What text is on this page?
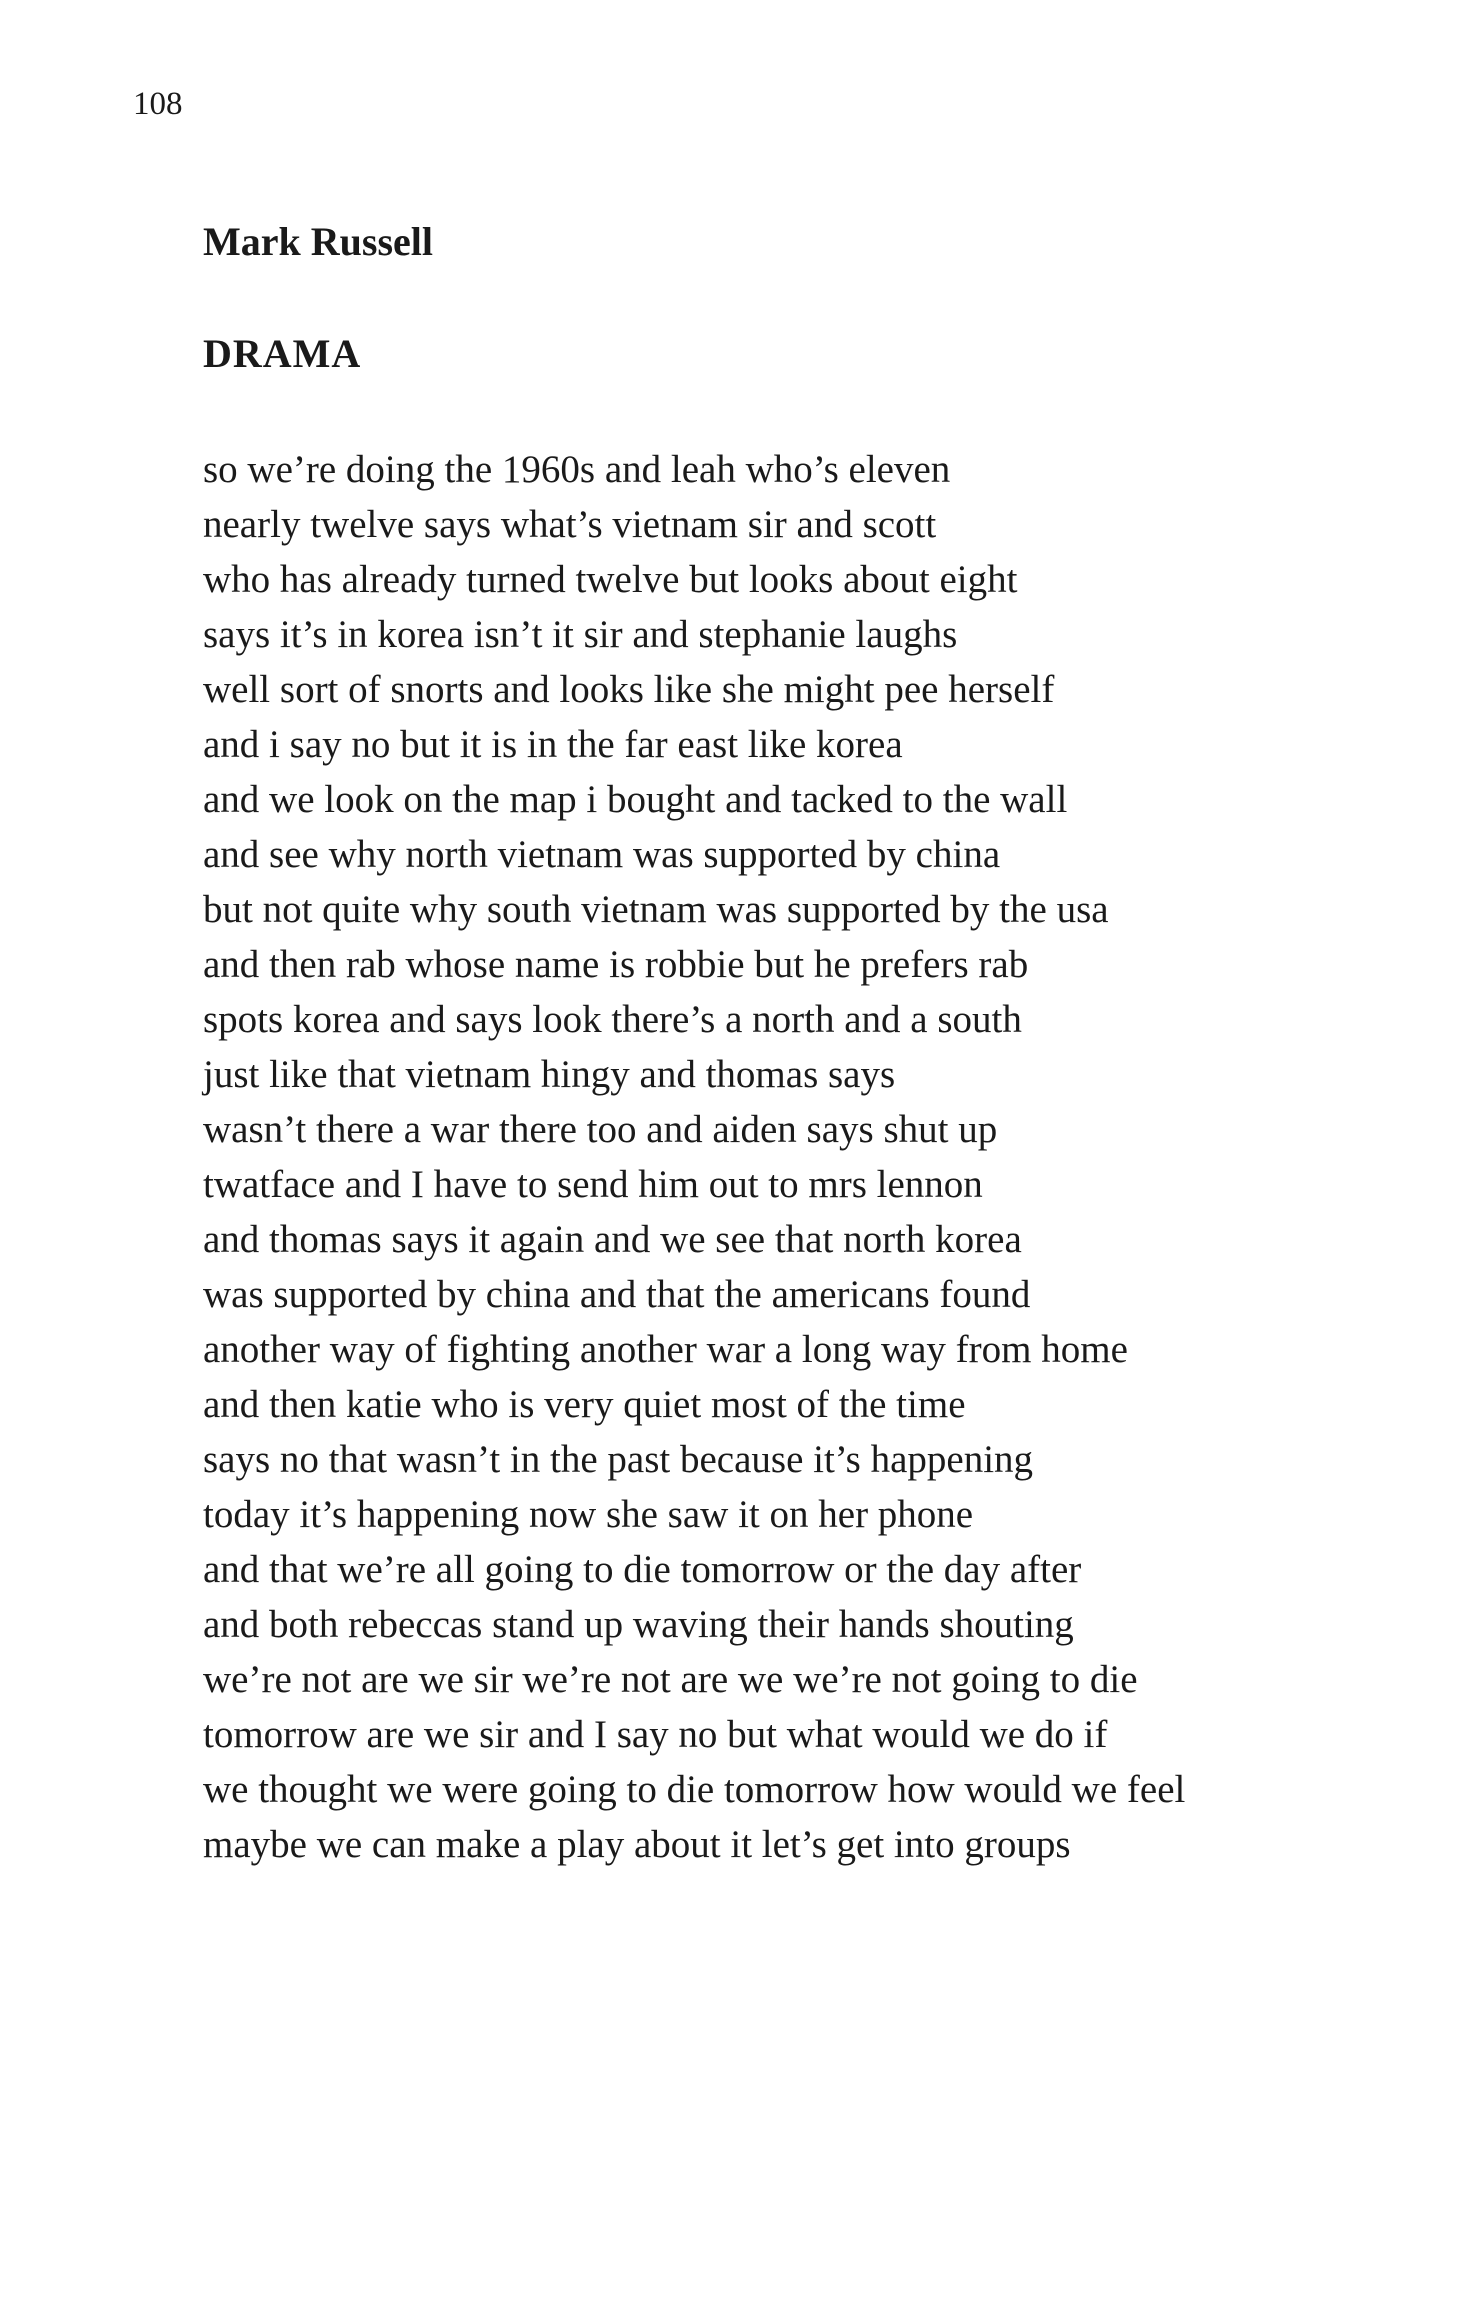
108
Mark Russell
DRAMA
so we’re doing the 1960s and leah who’s eleven
nearly twelve says what’s vietnam sir and scott
who has already turned twelve but looks about eight
says it’s in korea isn’t it sir and stephanie laughs
well sort of snorts and looks like she might pee herself
and i say no but it is in the far east like korea
and we look on the map i bought and tacked to the wall
and see why north vietnam was supported by china
but not quite why south vietnam was supported by the usa
and then rab whose name is robbie but he prefers rab
spots korea and says look there’s a north and a south
just like that vietnam hingy and thomas says
wasn’t there a war there too and aiden says shut up
twatface and I have to send him out to mrs lennon
and thomas says it again and we see that north korea
was supported by china and that the americans found
another way of fighting another war a long way from home
and then katie who is very quiet most of the time
says no that wasn’t in the past because it’s happening
today it’s happening now she saw it on her phone
and that we’re all going to die tomorrow or the day after
and both rebeccas stand up waving their hands shouting
we’re not are we sir we’re not are we we’re not going to die
tomorrow are we sir and I say no but what would we do if
we thought we were going to die tomorrow how would we feel
maybe we can make a play about it let’s get into groups
